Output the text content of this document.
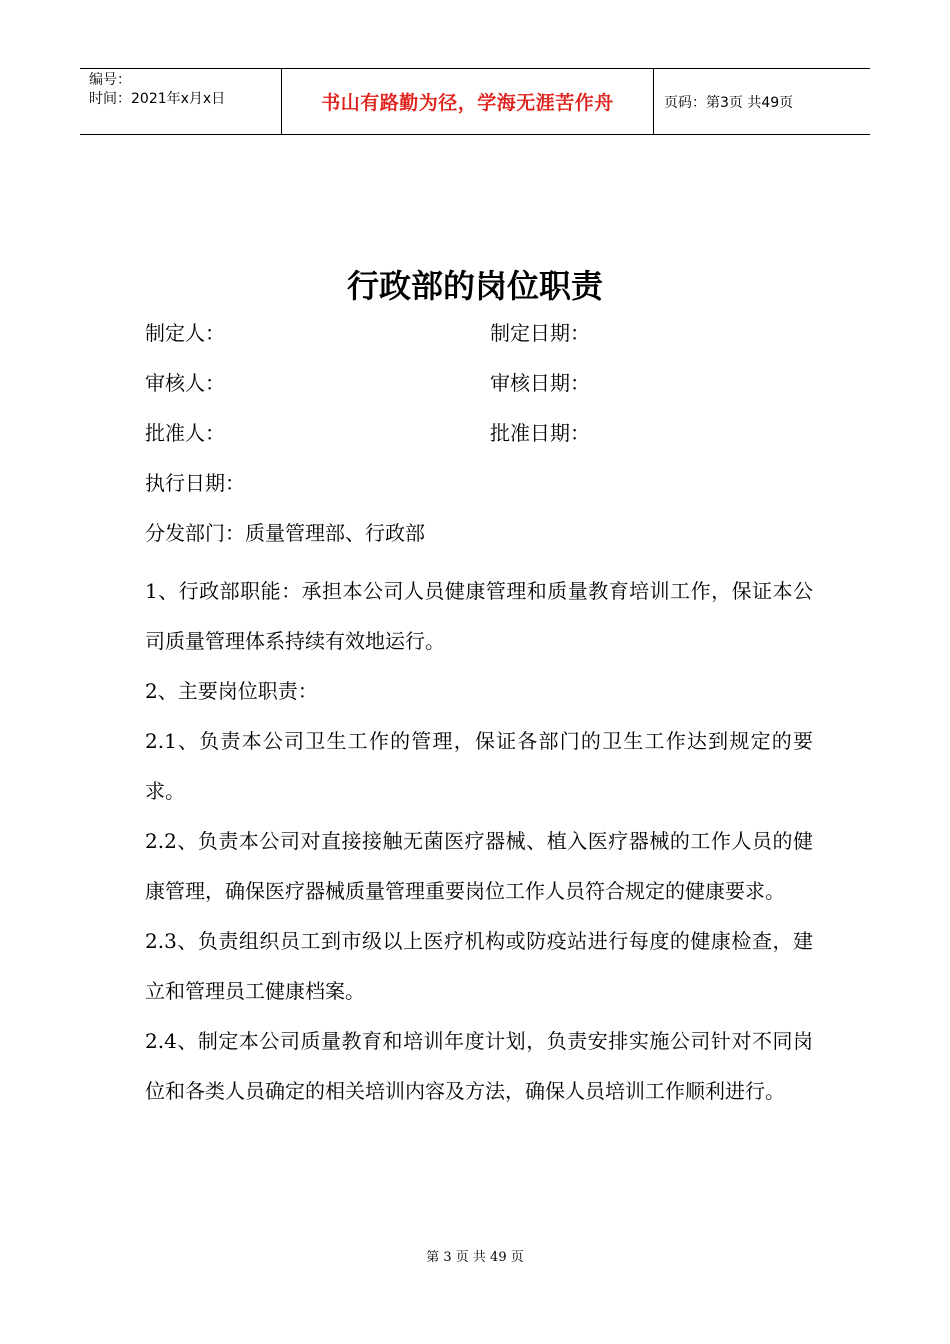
编号：
时间：2021年x月x日	书山有路勤为径，学海无涯苦作舟	页码：第3页 共49页
行政部的岗位职责
制定人：	制定日期：
审核人：	审核日期：
批准人：	批准日期：
执行日期：
分发部门：质量管理部、行政部

1、行政部职能：承担本公司人员健康管理和质量教育培训工作，保证本公司质量管理体系持续有效地运行。

2、主要岗位职责：

2.1、负责本公司卫生工作的管理，保证各部门的卫生工作达到规定的要求。

2.2、负责本公司对直接接触无菌医疗器械、植入医疗器械的工作人员的健康管理，确保医疗器械质量管理重要岗位工作人员符合规定的健康要求。

2.3、负责组织员工到市级以上医疗机构或防疫站进行每度的健康检查，建立和管理员工健康档案。

2.4、制定本公司质量教育和培训年度计划，负责安排实施公司针对不同岗位和各类人员确定的相关培训内容及方法，确保人员培训工作顺利进行。

第 3 页 共 49 页
